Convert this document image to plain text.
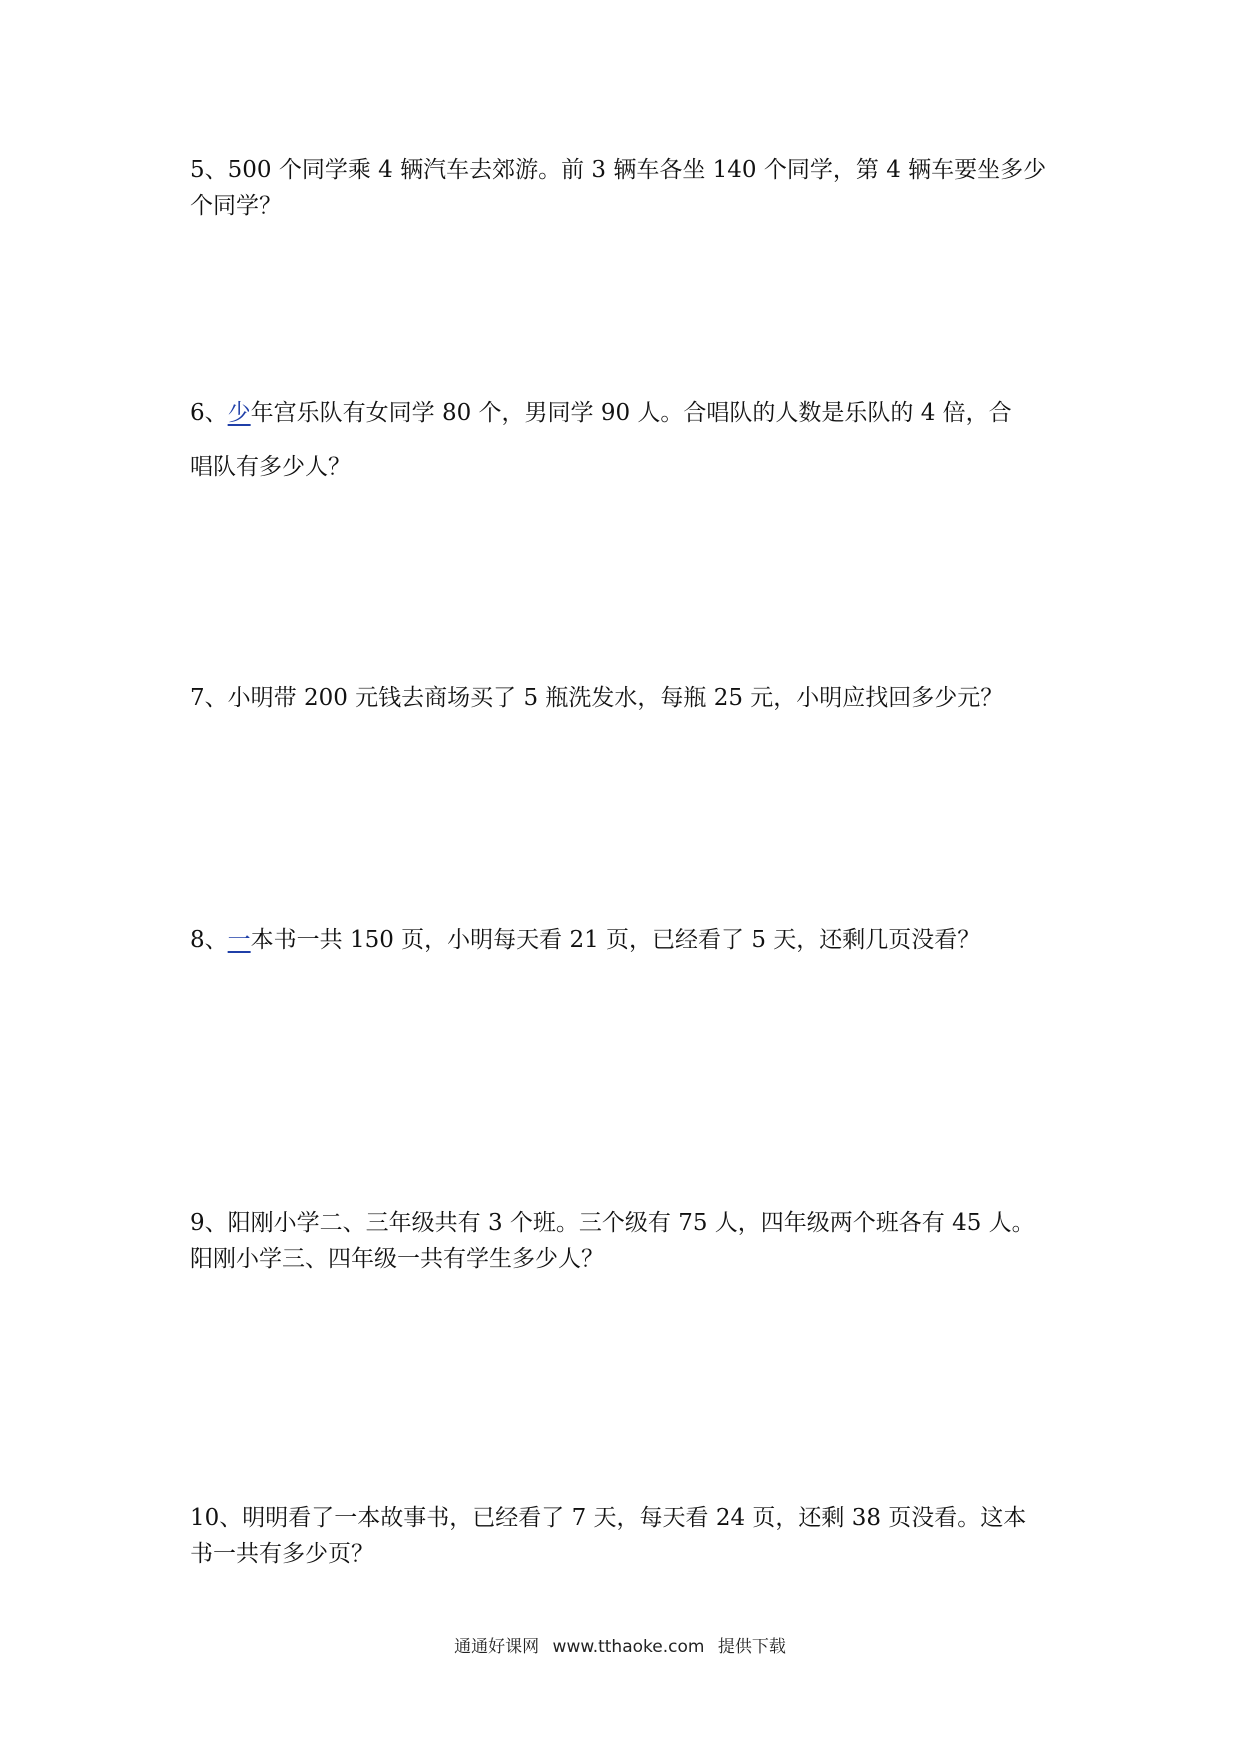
5、500 个同学乘 4 辆汽车去郊游。前 3 辆车各坐 140 个同学，第 4 辆车要坐多少
个同学？
6、少年宫乐队有女同学 80 个，男同学 90 人。合唱队的人数是乐队的 4 倍，合
唱队有多少人？
7、小明带 200 元钱去商场买了 5 瓶洗发水，每瓶 25 元，小明应找回多少元？
8、一本书一共 150 页，小明每天看 21 页，已经看了 5 天，还剩几页没看？
9、阳刚小学二、三年级共有 3 个班。三个级有 75 人，四年级两个班各有 45 人。
阳刚小学三、四年级一共有学生多少人？
10、明明看了一本故事书，已经看了 7 天，每天看 24 页，还剩 38 页没看。这本
书一共有多少页？
通通好课网 www.tthaoke.com 提供下载
